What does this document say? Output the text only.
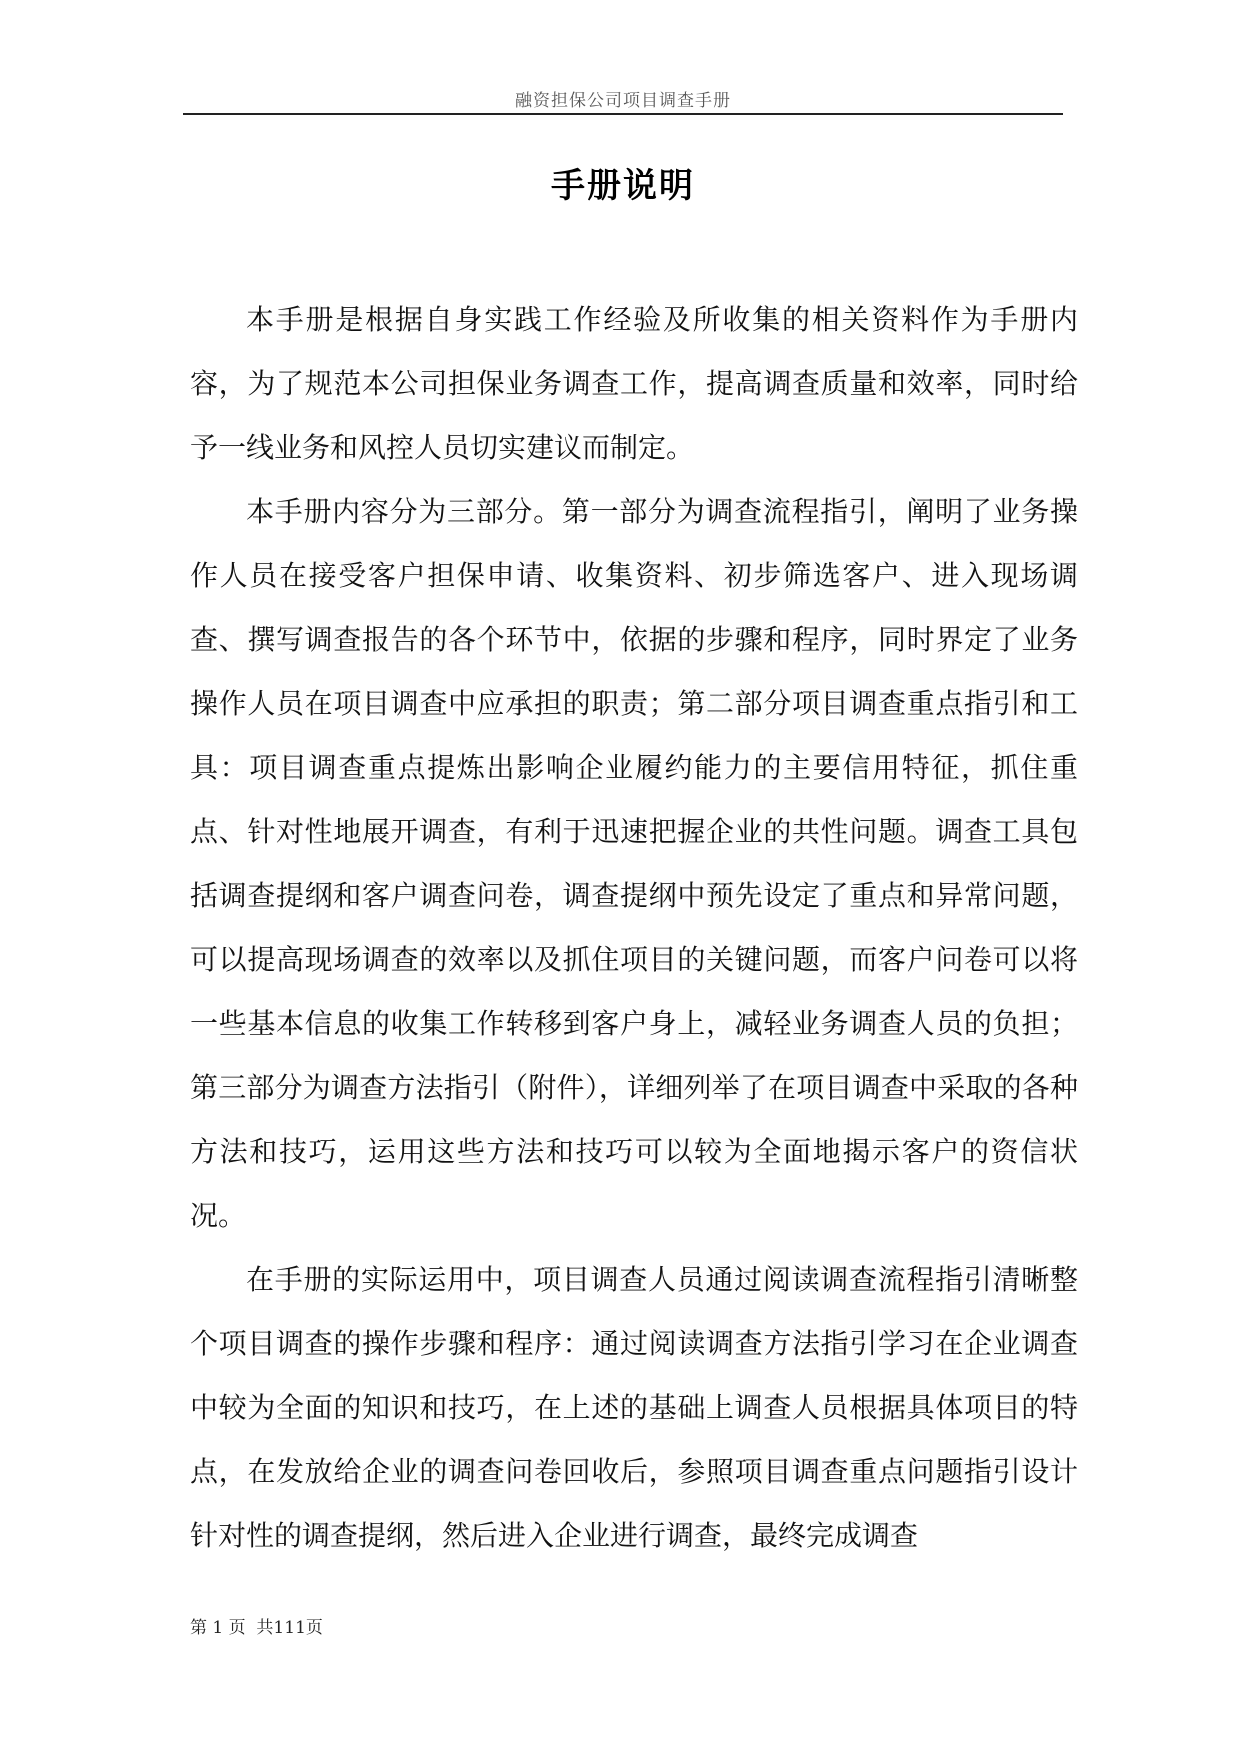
融资担保公司项目调查手册
手册说明

本手册是根据自身实践工作经验及所收集的相关资料作为手册内容，为了规范本公司担保业务调查工作，提高调查质量和效率，同时给予一线业务和风控人员切实建议而制定。

本手册内容分为三部分。第一部分为调查流程指引，阐明了业务操作人员在接受客户担保申请、收集资料、初步筛选客户、进入现场调查、撰写调查报告的各个环节中，依据的步骤和程序，同时界定了业务操作人员在项目调查中应承担的职责；第二部分项目调查重点指引和工具：项目调查重点提炼出影响企业履约能力的主要信用特征，抓住重点、针对性地展开调查，有利于迅速把握企业的共性问题。调查工具包括调查提纲和客户调查问卷，调查提纲中预先设定了重点和异常问题，可以提高现场调查的效率以及抓住项目的关键问题，而客户问卷可以将一些基本信息的收集工作转移到客户身上，减轻业务调查人员的负担；第三部分为调查方法指引（附件），详细列举了在项目调查中采取的各种方法和技巧，运用这些方法和技巧可以较为全面地揭示客户的资信状况。

在手册的实际运用中，项目调查人员通过阅读调查流程指引清晰整个项目调查的操作步骤和程序：通过阅读调查方法指引学习在企业调查中较为全面的知识和技巧，在上述的基础上调查人员根据具体项目的特点，在发放给企业的调查问卷回收后，参照项目调查重点问题指引设计针对性的调查提纲，然后进入企业进行调查，最终完成调查

第 1 页  共111页
